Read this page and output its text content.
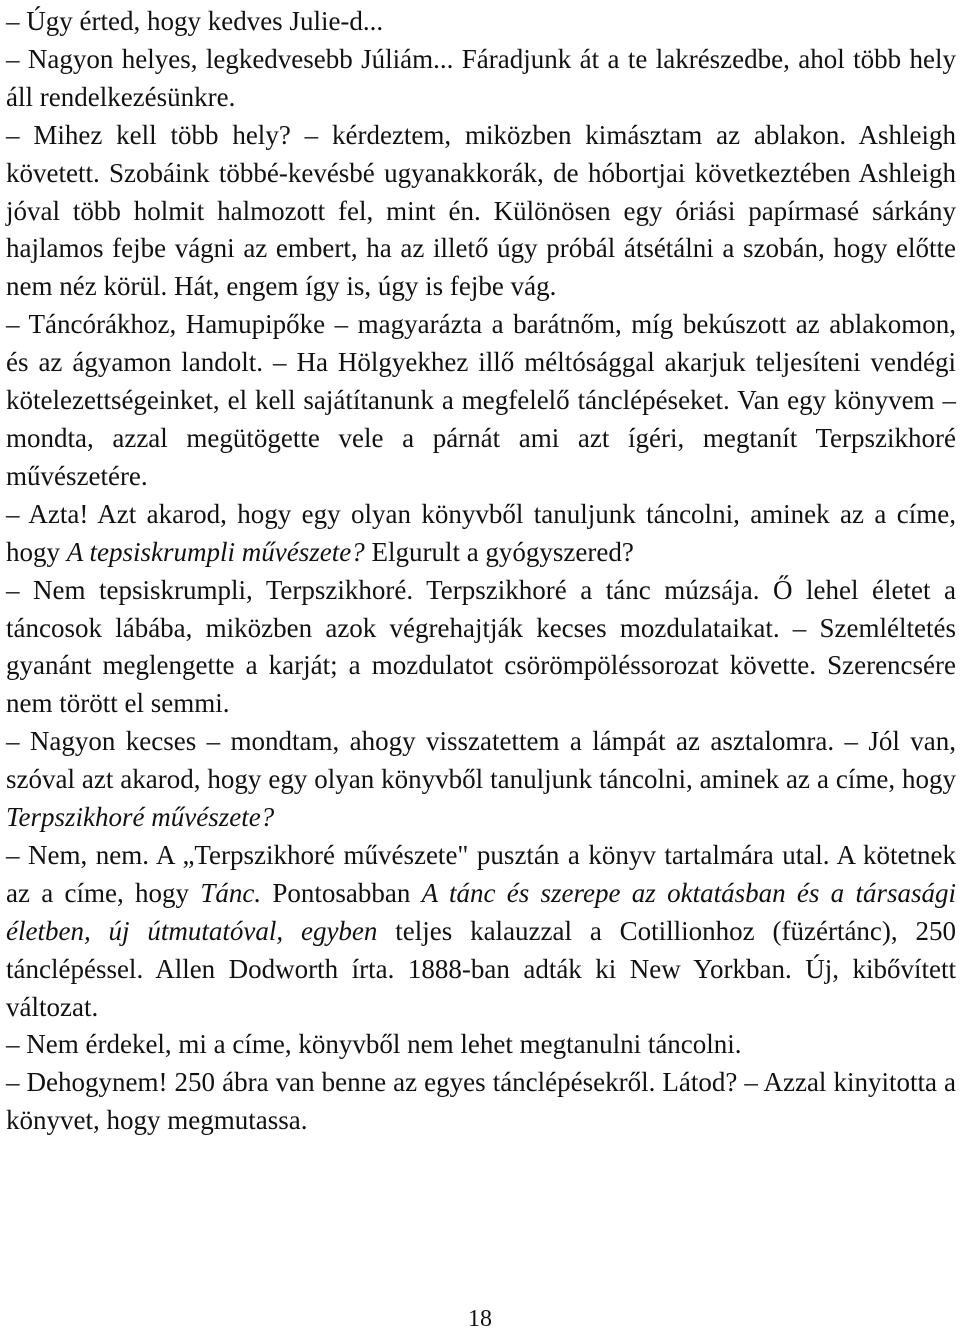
– Úgy érted, hogy kedves Julie-d...

– Nagyon helyes, legkedvesebb Júliám... Fáradjunk át a te lakrészedbe, ahol több hely áll rendelkezésünkre.

– Mihez kell több hely? – kérdeztem, miközben kimásztam az ablakon. Ashleigh követett. Szobáink többé-kevésbé ugyanakkorák, de hóbortjai következtében Ashleigh jóval több holmit halmozott fel, mint én. Különösen egy óriási papírmasé sárkány hajlamos fejbe vágni az embert, ha az illető úgy próbál átsétálni a szobán, hogy előtte nem néz körül. Hát, engem így is, úgy is fejbe vág.

– Táncórákhoz, Hamupipőke – magyarázta a barátnőm, míg bekúszott az ablakomon, és az ágyamon landolt. – Ha Hölgyekhez illő méltósággal akarjuk teljesíteni vendégi kötelezettségeinket, el kell sajátítanunk a megfelelő tánclépéseket. Van egy könyvem – mondta, azzal megütögette vele a párnát ami azt ígéri, megtanít Terpszikhoré művészetére.

– Azta! Azt akarod, hogy egy olyan könyvből tanuljunk táncolni, aminek az a címe, hogy A tepsiskrumpli művészete? Elgurult a gyógyszered?

– Nem tepsiskrumpli, Terpszikhoré. Terpszikhoré a tánc múzsája. Ő lehel életet a táncosok lábába, miközben azok végrehajtják kecses mozdulataikat. – Szemléltetés gyanánt meglengette a karját; a mozdulatot csörömpöléssorozat követte. Szerencsére nem törött el semmi.

– Nagyon kecses – mondtam, ahogy visszatettem a lámpát az asztalomra. – Jól van, szóval azt akarod, hogy egy olyan könyvből tanuljunk táncolni, aminek az a címe, hogy Terpszikhoré művészete?

– Nem, nem. A „Terpszikhoré művészete" pusztán a könyv tartalmára utal. A kötetnek az a címe, hogy Tánc. Pontosabban A tánc és szerepe az oktatásban és a társasági életben, új útmutatóval, egyben teljes kalauzzal a Cotillionhoz (füzértánc), 250 tánclépéssel. Allen Dodworth írta. 1888-ban adták ki New Yorkban. Új, kibővített változat.

– Nem érdekel, mi a címe, könyvből nem lehet megtanulni táncolni.

– Dehogynem! 250 ábra van benne az egyes tánclépésekről. Látod? – Azzal kinyitotta a könyvet, hogy megmutassa.

18
